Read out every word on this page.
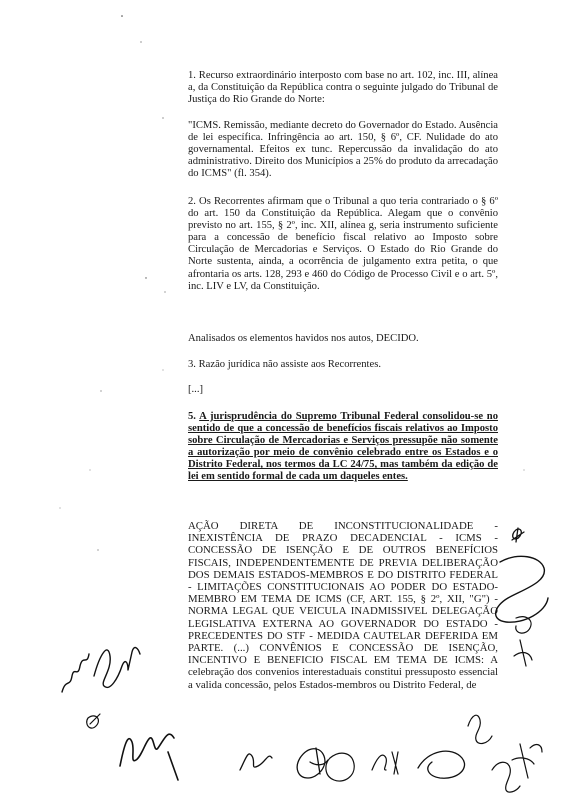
1. Recurso extraordinário interposto com base no art. 102, inc. III, alínea a, da Constituição da República contra o seguinte julgado do Tribunal de Justiça do Rio Grande do Norte:

"ICMS. Remissão, mediante decreto do Governador do Estado. Ausência de lei específica. Infringência ao art. 150, § 6º, CF. Nulidade do ato governamental. Efeitos ex tunc. Repercussão da invalidação do ato administrativo. Direito dos Municípios a 25% do produto da arrecadação do ICMS" (fl. 354).

2. Os Recorrentes afirmam que o Tribunal a quo teria contrariado o § 6º do art. 150 da Constituição da República. Alegam que o convênio previsto no art. 155, § 2º, inc. XII, alínea g, seria instrumento suficiente para a concessão de benefício fiscal relativo ao Imposto sobre Circulação de Mercadorias e Serviços. O Estado do Rio Grande do Norte sustenta, ainda, a ocorrência de julgamento extra petita, o que afrontaria os arts. 128, 293 e 460 do Código de Processo Civil e o art. 5º, inc. LIV e LV, da Constituição.

Analisados os elementos havidos nos autos, DECIDO.

3. Razão jurídica não assiste aos Recorrentes.

[...]

5. A jurisprudência do Supremo Tribunal Federal consolidou-se no sentido de que a concessão de benefícios fiscais relativos ao Imposto sobre Circulação de Mercadorias e Serviços pressupõe não somente a autorização por meio de convênio celebrado entre os Estados e o Distrito Federal, nos termos da LC 24/75, mas também da edição de lei em sentido formal de cada um daqueles entes.

AÇÃO DIRETA DE INCONSTITUCIONALIDADE - INEXISTÊNCIA DE PRAZO DECADENCIAL - ICMS - CONCESSÃO DE ISENÇÃO E DE OUTROS BENEFÍCIOS FISCAIS, INDEPENDENTEMENTE DE PREVIA DELIBERAÇÃO DOS DEMAIS ESTADOS-MEMBROS E DO DISTRITO FEDERAL - LIMITAÇÕES CONSTITUCIONAIS AO PODER DO ESTADO-MEMBRO EM TEMA DE ICMS (CF, ART. 155, § 2º, XII, "G") - NORMA LEGAL QUE VEICULA INADMISSIVEL DELEGAÇÃO LEGISLATIVA EXTERNA AO GOVERNADOR DO ESTADO - PRECEDENTES DO STF - MEDIDA CAUTELAR DEFERIDA EM PARTE. (...) CONVÊNIOS E CONCESSÃO DE ISENÇÃO, INCENTIVO E BENEFICIO FISCAL EM TEMA DE ICMS: A celebração dos convenios interestaduais constitui pressuposto essencial a valida concessão, pelos Estados-membros ou Distrito Federal, de
